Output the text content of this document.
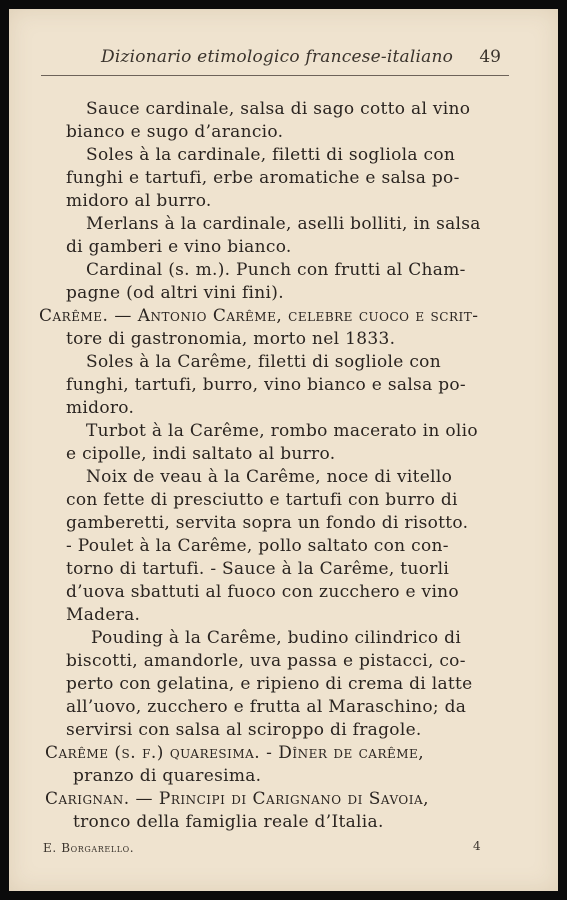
Dizionario etimologico francese-italiano 49
Sauce cardinale, salsa di sago cotto al vino
bianco e sugo d’arancio.
Soles à la cardinale, filetti di sogliola con
funghi e tartufi, erbe aromatiche e salsa po-
midoro al burro.
Merlans à la cardinale, aselli bolliti, in salsa
di gamberi e vino bianco.
Cardinal (s. m.). Punch con frutti al Cham-
pagne (od altri vini fini).
Carême. — Antonio Carême, celebre cuoco e scrit-
tore di gastronomia, morto nel 1833.
Soles à la Carême, filetti di sogliole con
funghi, tartufi, burro, vino bianco e salsa po-
midoro.
Turbot à la Carême, rombo macerato in olio
e cipolle, indi saltato al burro.
Noix de veau à la Carême, noce di vitello
con fette di presciutto e tartufi con burro di
gamberetti, servita sopra un fondo di risotto.
- Poulet à la Carême, pollo saltato con con-
torno di tartufi. - Sauce à la Carême, tuorli
d’uova sbattuti al fuoco con zucchero e vino
Madera.
Pouding à la Carême, budino cilindrico di
biscotti, amandorle, uva passa e pistacci, co-
perto con gelatina, e ripieno di crema di latte
all’uovo, zucchero e frutta al Maraschino; da
servirsi con salsa al sciroppo di fragole.
Carême (s. f.) quaresima. - Dîner de carême,
pranzo di quaresima.
Carignan. — Principi di Carignano di Savoia,
tronco della famiglia reale d’Italia.
E. Borgarello.	4
